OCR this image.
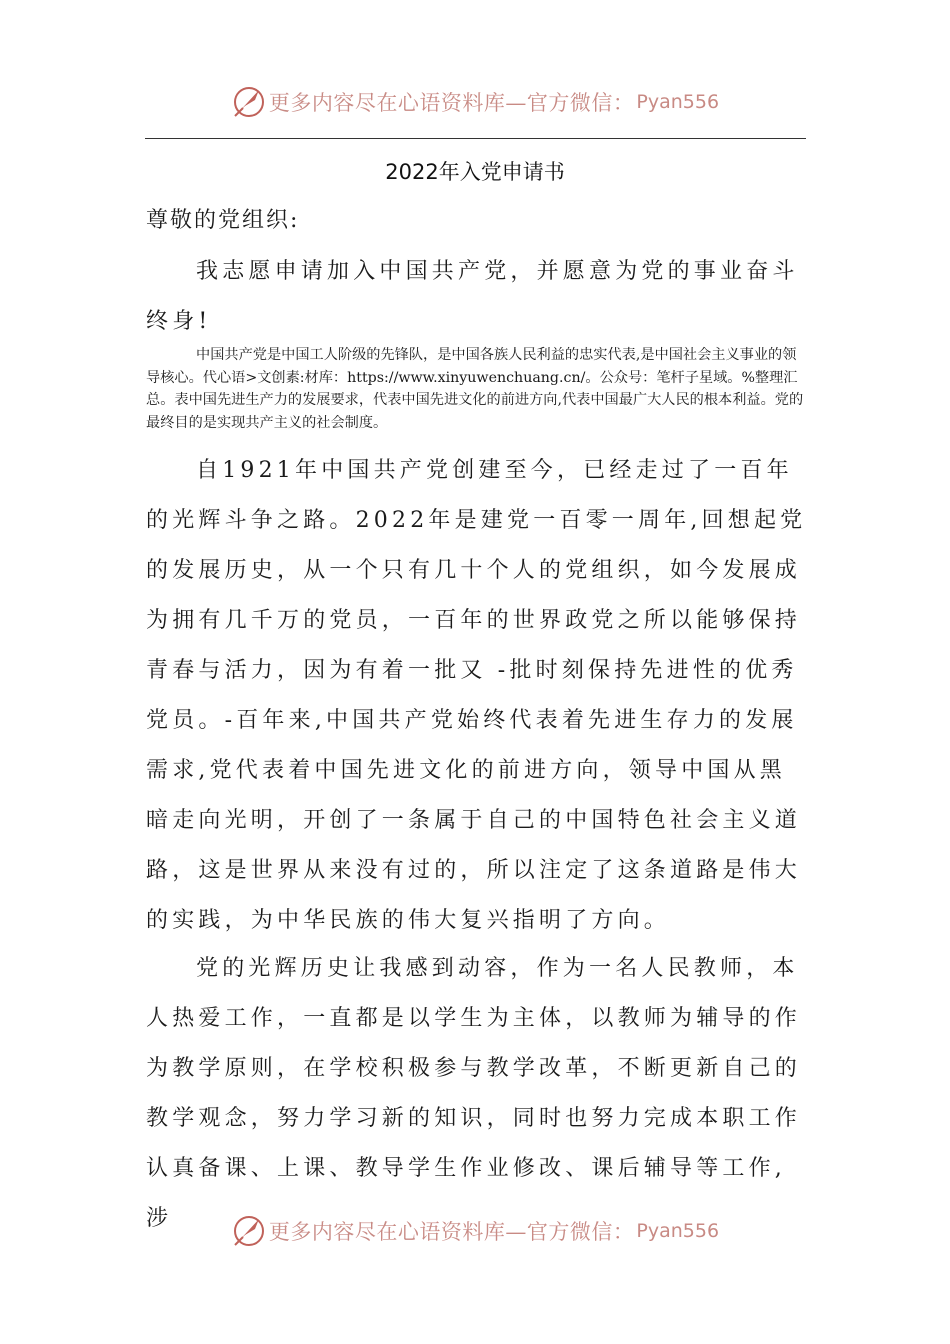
更多内容尽在心语资料库—官方微信： Pyan556
2022年入党申请书
尊敬的党组织:
我志愿申请加入中国共产党，并愿意为党的事业奋斗终身!
中国共产党是中国工人阶级的先锋队，是中国各族人民利益的忠实代表,是中国社会主义事业的领导核心。代心语>文创素:材库：https://www.xinyuwenchuang.cn/。公众号：笔杆子星域。%整理汇总。表中国先进生产力的发展要求，代表中国先进文化的前进方向,代表中国最广大人民的根本利益。党的最终目的是实现共产主义的社会制度。
自1921年中国共产党创建至今，已经走过了一百年的光辉斗争之路。2022年是建党一百零一周年,回想起党的发展历史，从一个只有几十个人的党组织，如今发展成为拥有几千万的党员，一百年的世界政党之所以能够保持青春与活力，因为有着一批又 -批时刻保持先进性的优秀党员。-百年来,中国共产党始终代表着先进生存力的发展需求,党代表着中国先进文化的前进方向，领导中国从黑暗走向光明，开创了一条属于自己的中国特色社会主义道路，这是世界从来没有过的，所以注定了这条道路是伟大的实践，为中华民族的伟大复兴指明了方向。
党的光辉历史让我感到动容，作为一名人民教师，本人热爱工作，一直都是以学生为主体，以教师为辅导的作为教学原则，在学校积极参与教学改革，不断更新自己的教学观念，努力学习新的知识，同时也努力完成本职工作认真备课、上课、教导学生作业修改、课后辅导等工作,涉
更多内容尽在心语资料库—官方微信： Pyan556
